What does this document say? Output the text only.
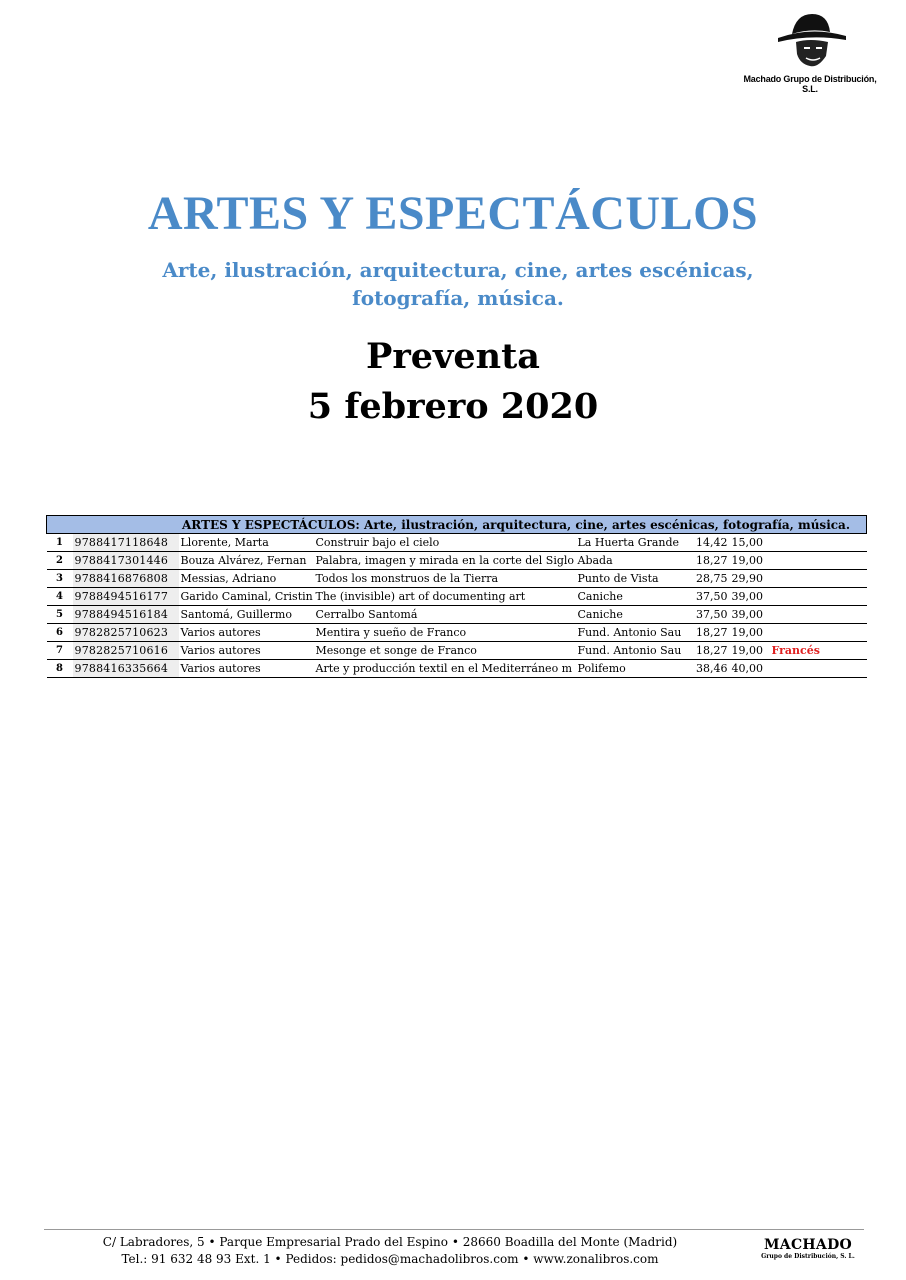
Machado Grupo de Distribución, S.L.
ARTES Y ESPECTÁCULOS
Arte, ilustración, arquitectura, cine, artes escénicas, fotografía, música.
Preventa
5 febrero 2020
ARTES Y ESPECTÁCULOS: Arte, ilustración, arquitectura, cine, artes escénicas, fotografía, música.							
1	9788417118648	Llorente, Marta	Construir bajo el cielo	La Huerta Grande	14,42	15,00	
2	9788417301446	Bouza Alvárez, Fernan	Palabra, imagen y mirada en la corte del Siglo	Abada	18,27	19,00	
3	9788416876808	Messias, Adriano	Todos los monstruos de la Tierra	Punto de Vista	28,75	29,90	
4	9788494516177	Garido Caminal, Cristin	The (invisible) art of documenting art	Caniche	37,50	39,00	
5	9788494516184	Santomá, Guillermo	Cerralbo Santomá	Caniche	37,50	39,00	
6	9782825710623	Varios autores	Mentira y sueño de Franco	Fund. Antonio Sau	18,27	19,00	
7	9782825710616	Varios autores	Mesonge et songe de Franco	Fund. Antonio Sau	18,27	19,00	Francés
8	9788416335664	Varios autores	Arte y producción textil en el Mediterráneo m	Polifemo	38,46	40,00	
C/ Labradores, 5 • Parque Empresarial Prado del Espino • 28660 Boadilla del Monte (Madrid)
Tel.: 91 632 48 93 Ext. 1 • Pedidos: pedidos@machadolibros.com • www.zonalibros.com
MACHADO
Grupo de Distribución, S. L.
